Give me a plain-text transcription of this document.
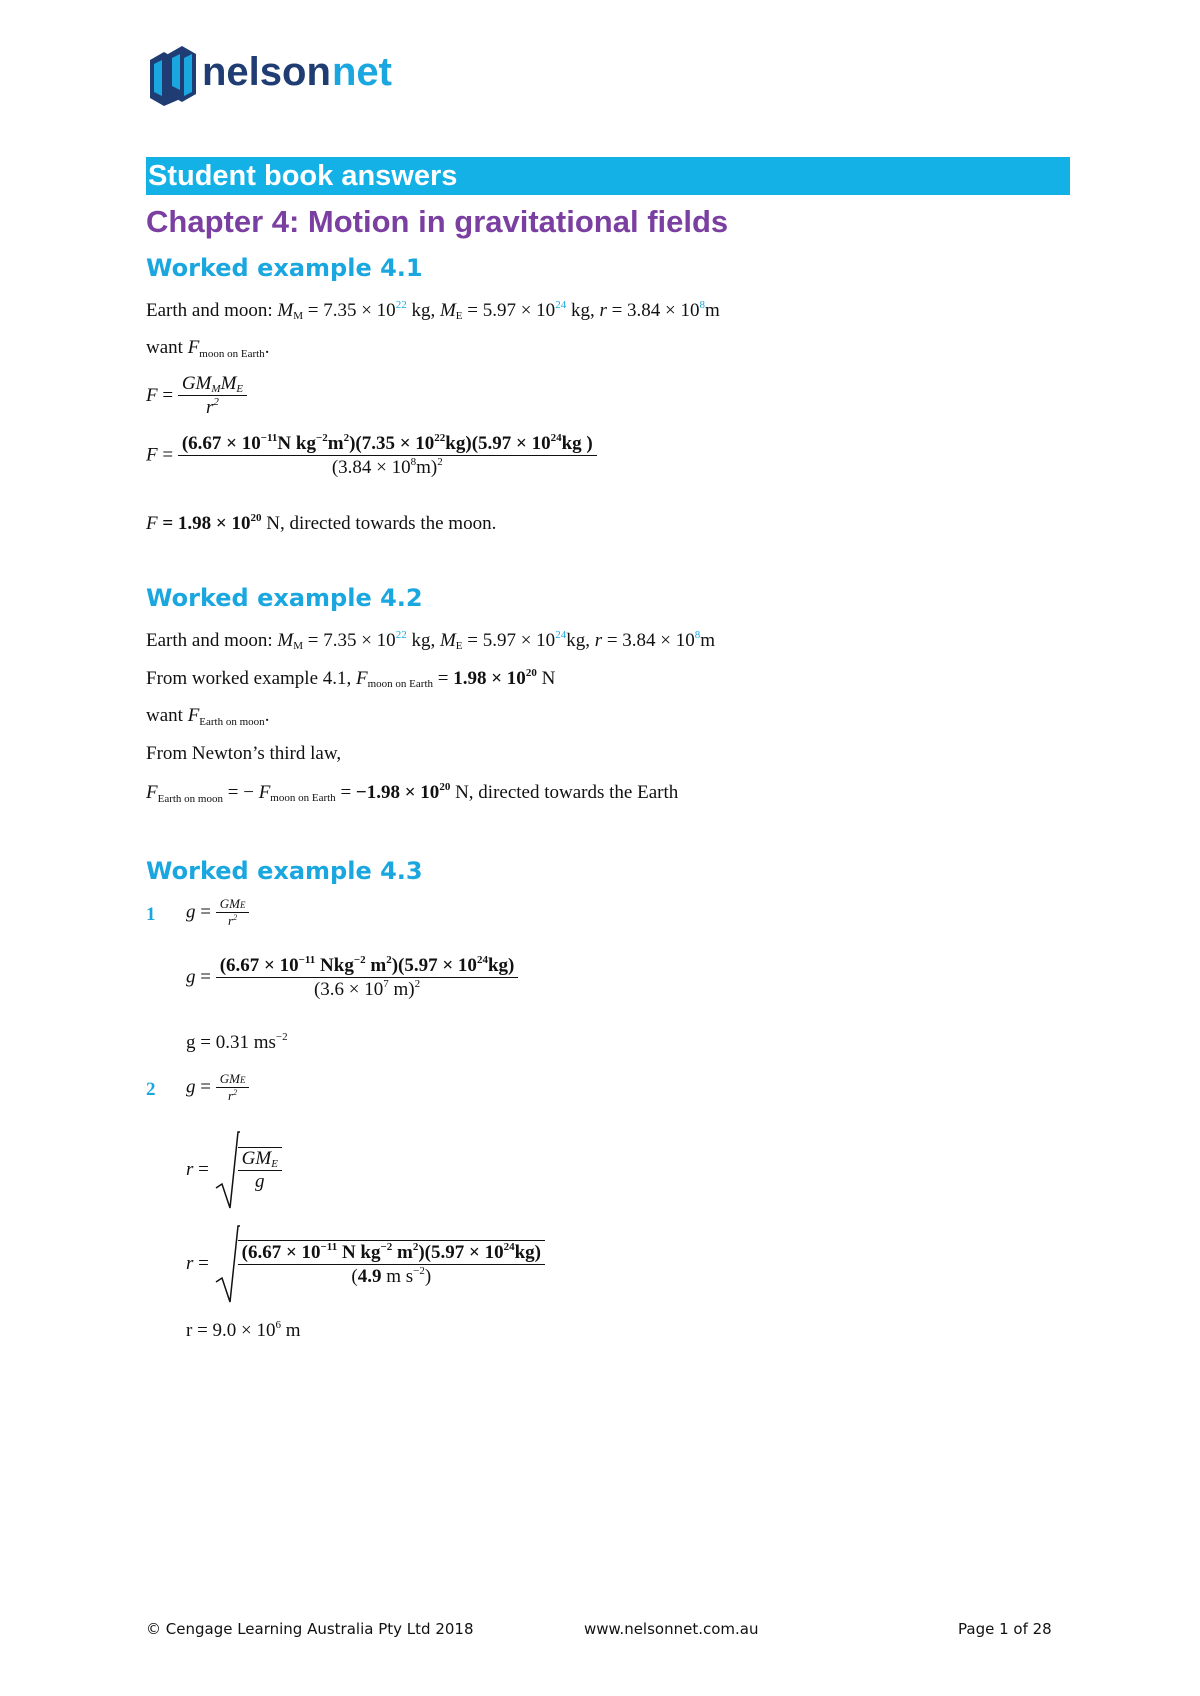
nelson net
Student book answers
Chapter 4: Motion in gravitational fields
Worked example 4.1
Earth and moon: MM = $7.35 \times 10^{22}$ kg, ME = $5.97 \times 10^{24}$ kg, $r = 3.84 \times 10^8m$
want $F_{moon on Earth}$.
$F = \frac{\text{GMMME}}{r^2}$
$F = \frac{(6.67 \times 10^{-11}N kg^{-2}m^2)(7.35 \times 10^{22}kg)(5.97 \times 10^{24}kg )}{(3.84 \times 10^8m)^2}$
$F = 1.98 \times 10^{20}$ N, directed towards the moon.
Worked example 4.2
Earth and moon: MM = $7.35 \times 10^{22}$ kg, ME = $5.97 \times 10^{24}kg$, $r = 3.84 \times 10^8m$
From worked example 4.1, Fmoon on Earth = $1.98 \times 10^{20}$ N
want $F_{Earth on moon}$.
From Newton’s third law,
$F_{Earth on moon}$ = − Fmoon on Earth = $-1.98 \times 10^{20}$ N, directed towards the Earth
Worked example 4.3
1 $g = \frac{\text{GME}}{r^2}$
$g = \frac{(6.67 \times 10^{-11} Nkg^{-2} m^2)(5.97 \times 10^{24}kg)}{(3.6 \times 10^7 m)^2}$
g = 0.31 $ms^{-2}$
2 $g = \frac{\text{GME}}{r^2}$
$r = \frac{\text{GME}}{g}$
$r = \frac{(6.67 \times 10^{-11} N kg^{-2} m^2)(5.97 \times 10^{24}kg)}{(4.9 m s^{-2})}$
$r = 9.0 \times 10^6$ m
© Cengage Learning Australia Pty Ltd 2018	www.nelsonnet.com.au	Page 1 of 28
